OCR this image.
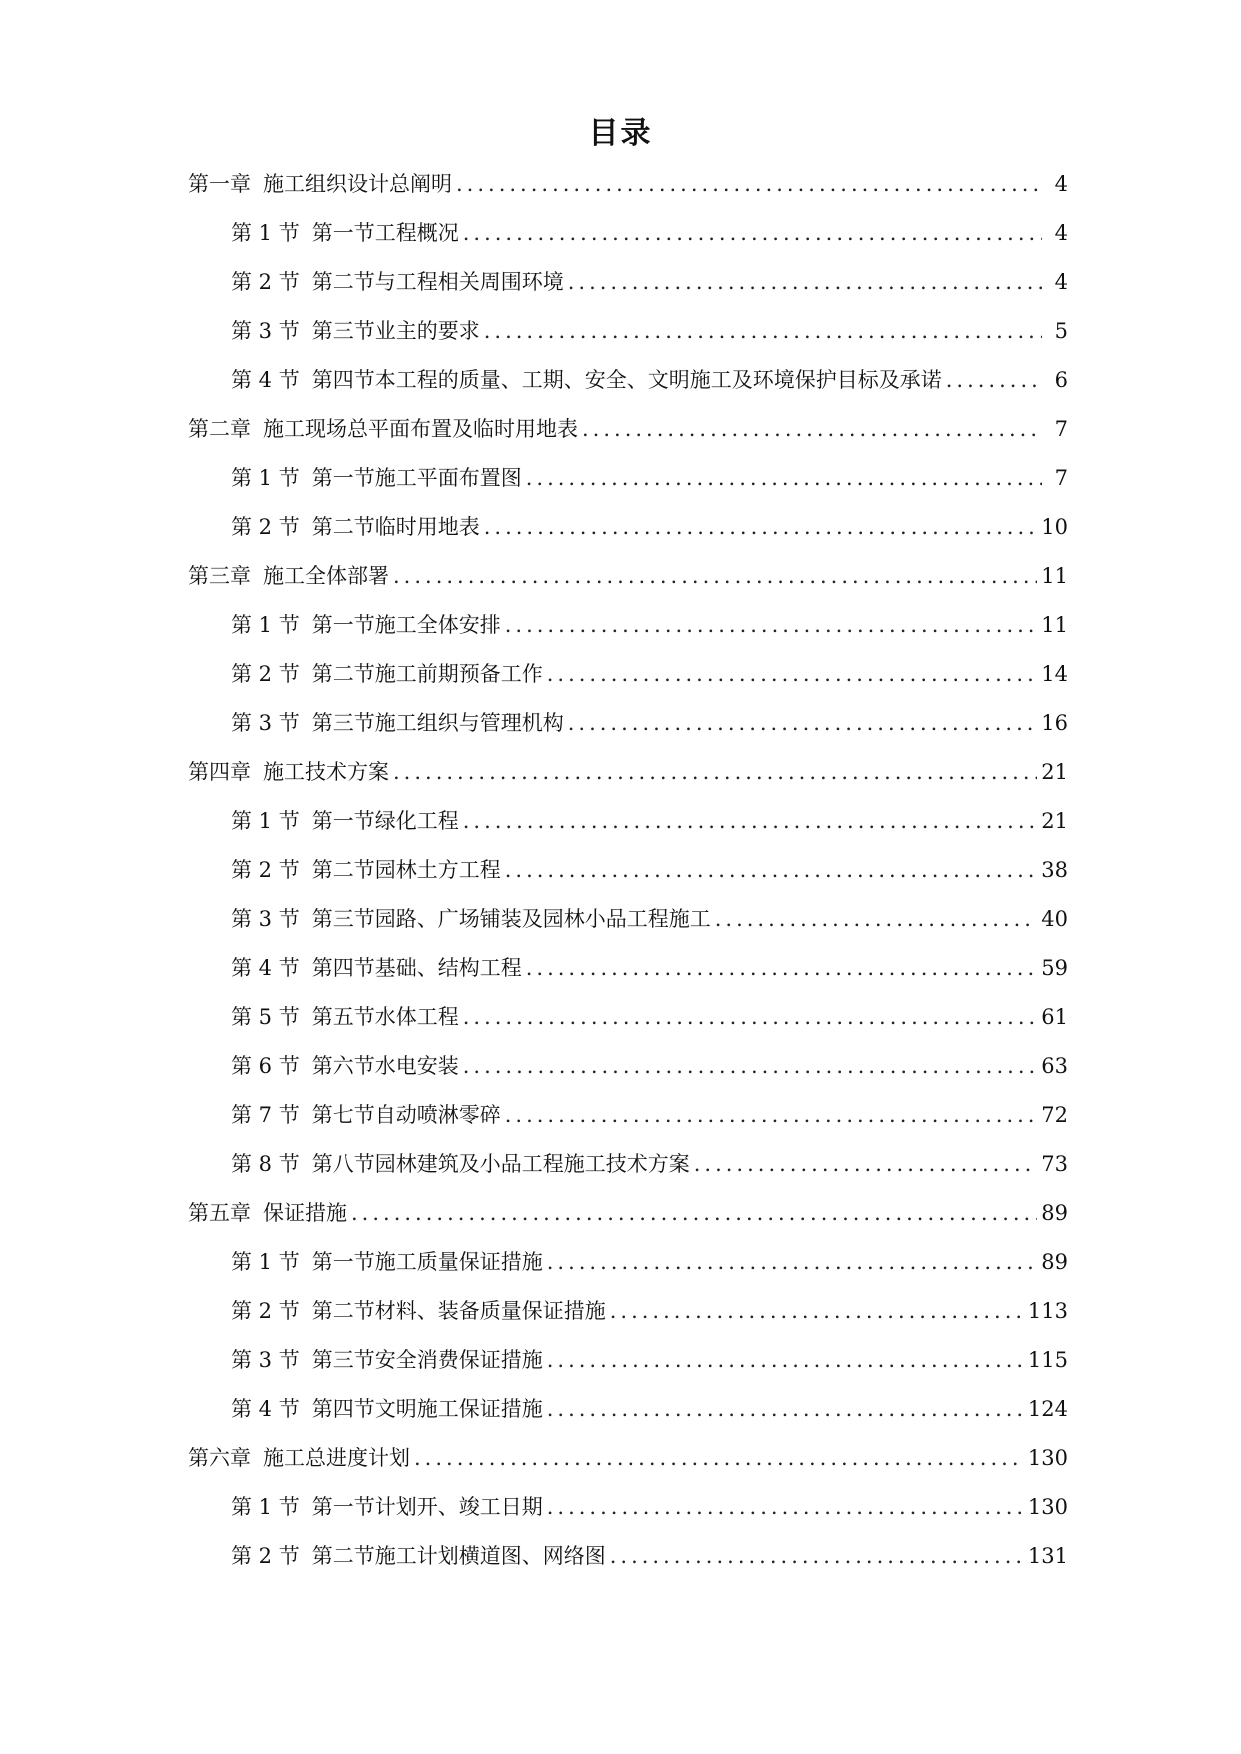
目录
第一章 施工组织设计总阐明 .....	4
第 1 节 第一节工程概况 .....	4
第 2 节 第二节与工程相关周围环境 .....	4
第 3 节 第三节业主的要求 .....	5
第 4 节 第四节本工程的质量、工期、安全、文明施工及环境保护目标及承诺 .....	6
第二章 施工现场总平面布置及临时用地表 .....	7
第 1 节 第一节施工平面布置图 .....	7
第 2 节 第二节临时用地表 .....	10
第三章 施工全体部署 .....	11
第 1 节 第一节施工全体安排 .....	11
第 2 节 第二节施工前期预备工作 .....	14
第 3 节 第三节施工组织与管理机构 .....	16
第四章 施工技术方案 .....	21
第 1 节 第一节绿化工程 .....	21
第 2 节 第二节园林土方工程 .....	38
第 3 节 第三节园路、广场铺装及园林小品工程施工 .....	40
第 4 节 第四节基础、结构工程 .....	59
第 5 节 第五节水体工程 .....	61
第 6 节 第六节水电安装 .....	63
第 7 节 第七节自动喷淋零碎 .....	72
第 8 节 第八节园林建筑及小品工程施工技术方案 .....	73
第五章 保证措施 .....	89
第 1 节 第一节施工质量保证措施 .....	89
第 2 节 第二节材料、装备质量保证措施 .....	113
第 3 节 第三节安全消费保证措施 .....	115
第 4 节 第四节文明施工保证措施 .....	124
第六章 施工总进度计划 .....	130
第 1 节 第一节计划开、竣工日期 .....	130
第 2 节 第二节施工计划横道图、网络图 .....	131
